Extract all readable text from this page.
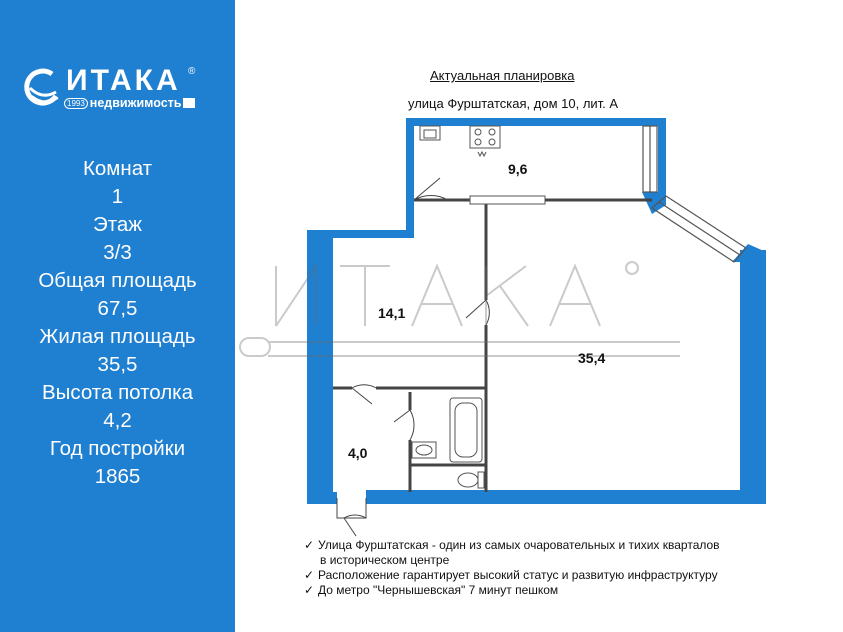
ИТАКА ®
1993 недвижимость
Комнат
1
Этаж
3/3
Общая площадь
67,5
Жилая площадь
35,5
Высота потолка
4,2
Год постройки
1865
Актуальная планировка
улица Фурштатская, дом 10, лит. А
9,6
14,1
35,4
4,0
✓ Улица Фурштатская - один из самых очаровательных и тихих кварталов
в историческом центре
✓ Расположение гарантирует высокий статус и развитую инфраструктуру
✓ До метро "Чернышевская" 7 минут пешком
